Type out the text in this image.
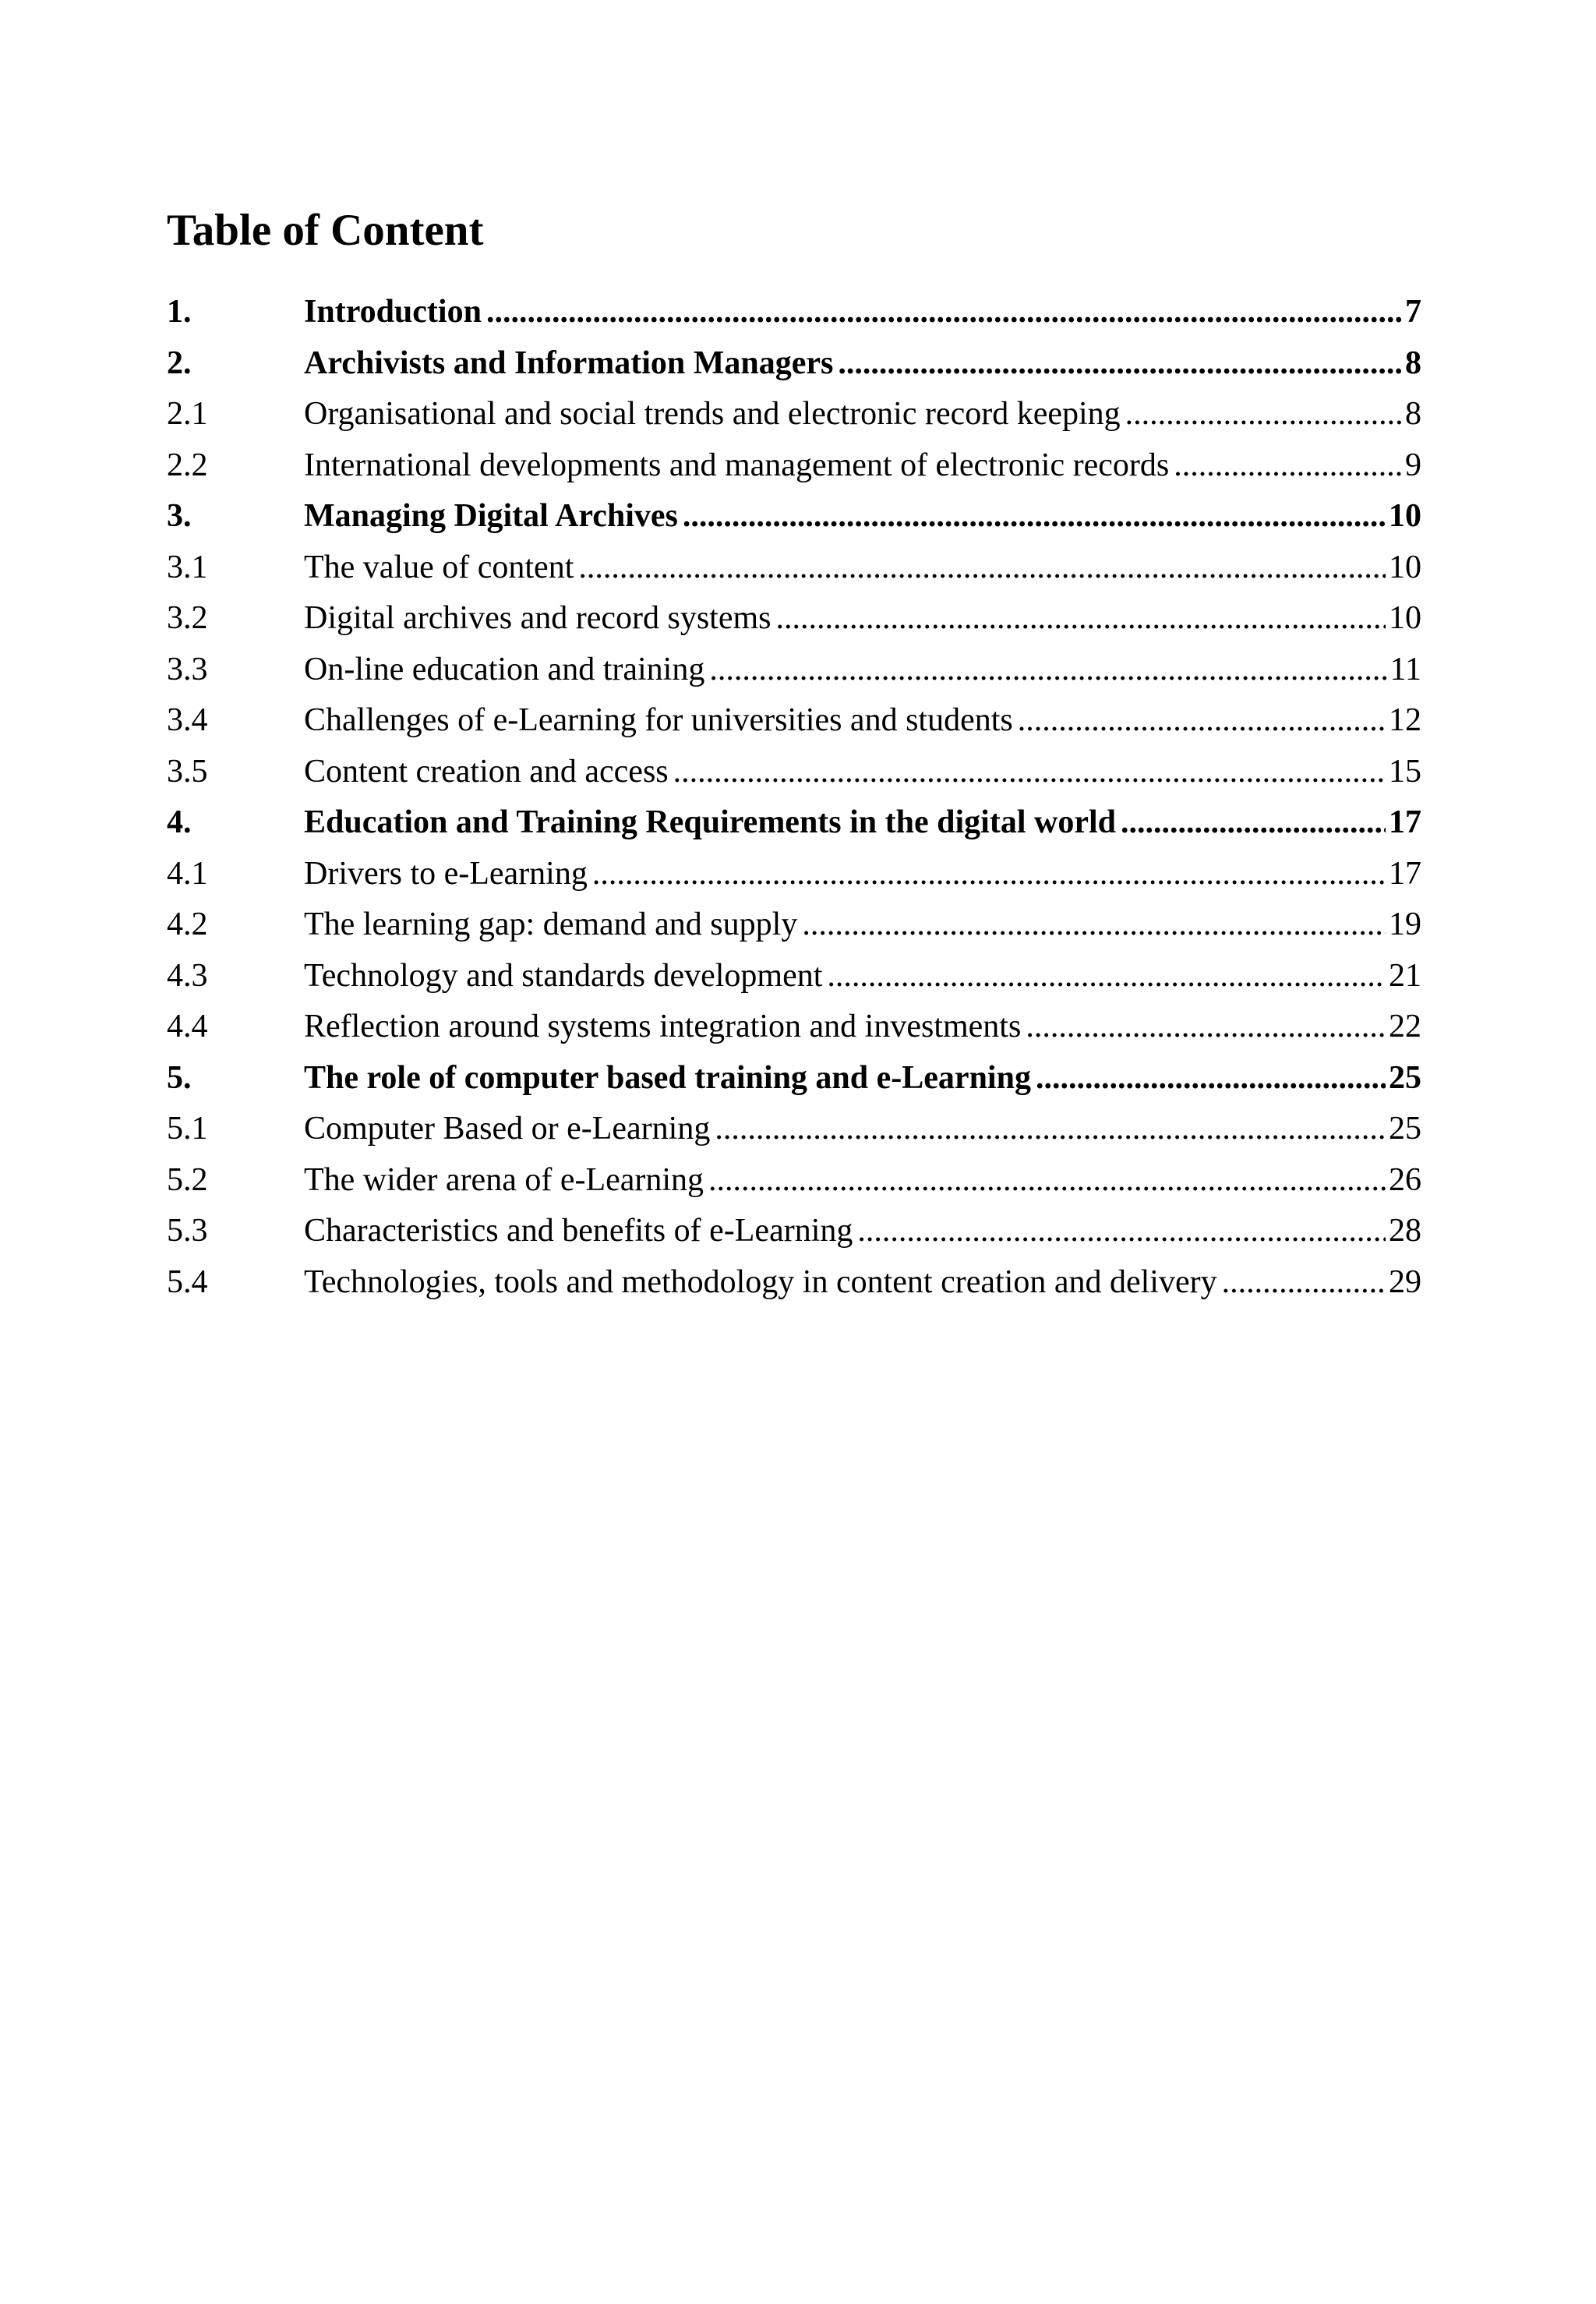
Table of Content
1.	Introduction .....	7
2.	Archivists and Information Managers .....	8
2.1	Organisational and social trends and electronic record keeping .....	8
2.2	International developments and management of electronic records .....	9
3.	Managing Digital Archives .....	10
3.1	The value of content .....	10
3.2	Digital archives and record systems .....	10
3.3	On-line education and training .....	11
3.4	Challenges of e-Learning for universities and students .....	12
3.5	Content creation and access .....	15
4.	Education and Training Requirements in the digital world .....	17
4.1	Drivers to e-Learning .....	17
4.2	The learning gap: demand and supply .....	19
4.3	Technology and standards development .....	21
4.4	Reflection around systems integration and investments .....	22
5.	The role of computer based training and e-Learning .....	25
5.1	Computer Based or e-Learning .....	25
5.2	The wider arena of e-Learning .....	26
5.3	Characteristics and benefits of e-Learning .....	28
5.4	Technologies, tools and methodology in content creation and delivery .....	29
